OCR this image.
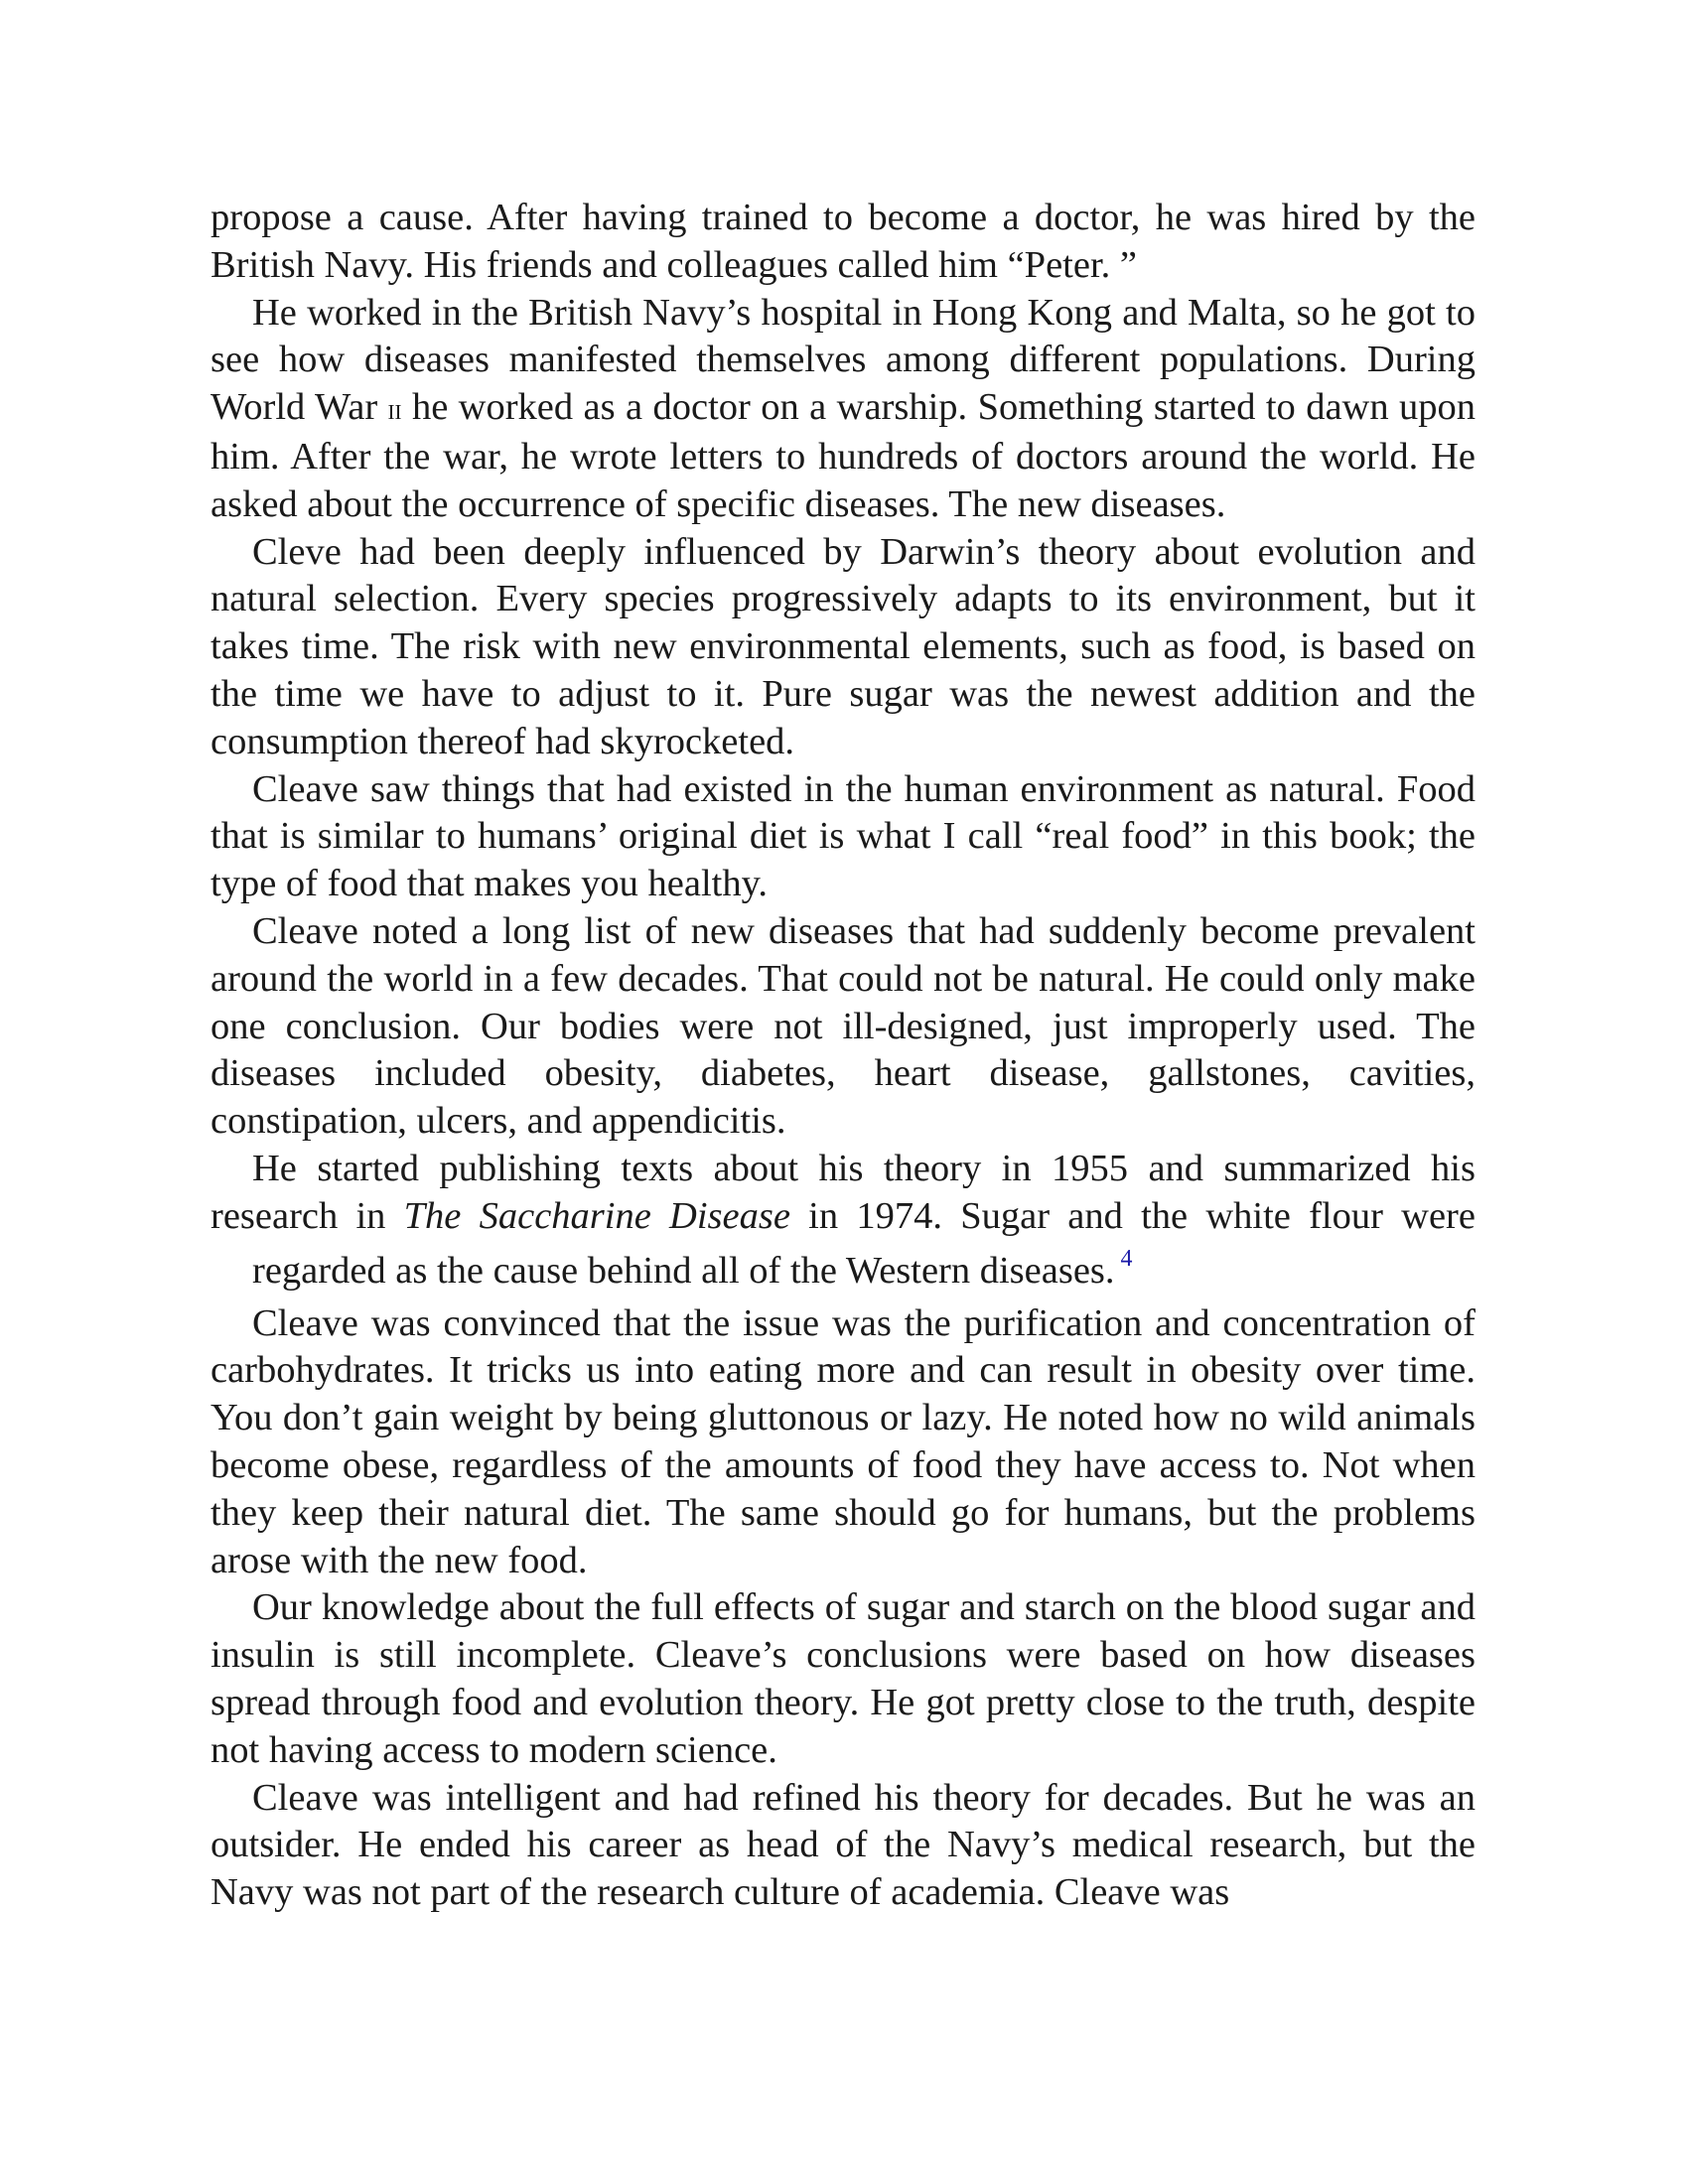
propose a cause. After having trained to become a doctor, he was hired by the British Navy. His friends and colleagues called him “Peter. ”

He worked in the British Navy’s hospital in Hong Kong and Malta, so he got to see how diseases manifested themselves among different populations. During World War ii he worked as a doctor on a warship. Something started to dawn upon him. After the war, he wrote letters to hundreds of doctors around the world. He asked about the occurrence of specific diseases. The new diseases.

Cleve had been deeply influenced by Darwin’s theory about evolution and natural selection. Every species progressively adapts to its environment, but it takes time. The risk with new environmental elements, such as food, is based on the time we have to adjust to it. Pure sugar was the newest addition and the consumption thereof had skyrocketed.

Cleave saw things that had existed in the human environment as natural. Food that is similar to humans’ original diet is what I call “real food” in this book; the type of food that makes you healthy.

Cleave noted a long list of new diseases that had suddenly become prevalent around the world in a few decades. That could not be natural. He could only make one conclusion. Our bodies were not ill-designed, just improperly used. The diseases included obesity, diabetes, heart disease, gallstones, cavities, constipation, ulcers, and appendicitis.

He started publishing texts about his theory in 1955 and summarized his research in The Saccharine Disease in 1974. Sugar and the white flour were regarded as the cause behind all of the Western diseases. $^4$

Cleave was convinced that the issue was the purification and concentration of carbohydrates. It tricks us into eating more and can result in obesity over time. You don’t gain weight by being gluttonous or lazy. He noted how no wild animals become obese, regardless of the amounts of food they have access to. Not when they keep their natural diet. The same should go for humans, but the problems arose with the new food.

Our knowledge about the full effects of sugar and starch on the blood sugar and insulin is still incomplete. Cleave’s conclusions were based on how diseases spread through food and evolution theory. He got pretty close to the truth, despite not having access to modern science.

Cleave was intelligent and had refined his theory for decades. But he was an outsider. He ended his career as head of the Navy’s medical research, but the Navy was not part of the research culture of academia. Cleave was
